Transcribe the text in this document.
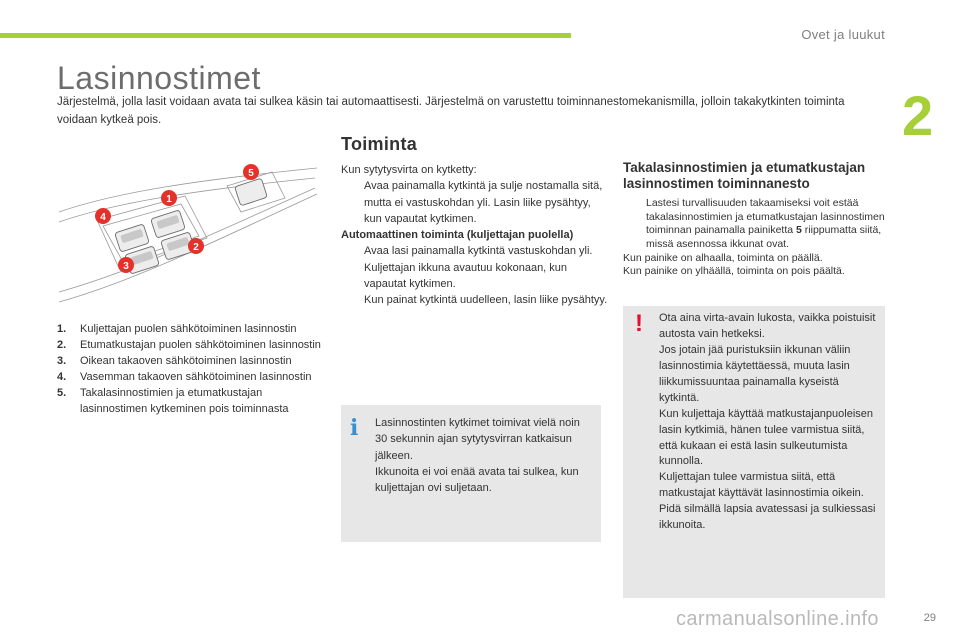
Ovet ja luukut
2
Lasinnostimet

Järjestelmä, jolla lasit voidaan avata tai sulkea käsin tai automaattisesti. Järjestelmä on varustettu toiminnanestomekanismilla, jolloin takakytkinten toiminta voidaan kytkeä pois.

1
2
3
4
5
1. Kuljettajan puolen sähkötoiminen lasinnostin
2. Etumatkustajan puolen sähkötoiminen lasinnostin
3. Oikean takaoven sähkötoiminen lasinnostin
4. Vasemman takaoven sähkötoiminen lasinnostin
5. Takalasinnostimien ja etumatkustajan lasinnostimen kytkeminen pois toiminnasta
Toiminta

Kun sytytysvirta on kytketty:

Avaa painamalla kytkintä ja sulje nostamalla sitä, mutta ei vastuskohdan yli. Lasin liike pysähtyy, kun vapautat kytkimen.

Automaattinen toiminta (kuljettajan puolella)

Avaa lasi painamalla kytkintä vastuskohdan yli. Kuljettajan ikkuna avautuu kokonaan, kun vapautat kytkimen.

Kun painat kytkintä uudelleen, lasin liike pysähtyy.

i Lasinnostinten kytkimet toimivat vielä noin 30 sekunnin ajan sytytysvirran katkaisun jälkeen.

Ikkunoita ei voi enää avata tai sulkea, kun kuljettajan ovi suljetaan.

Takalasinnostimien ja etumatkustajan lasinnostimen toiminnanesto

Lastesi turvallisuuden takaamiseksi voit estää takalasinnostimien ja etumatkustajan lasinnostimen toiminnan painamalla painiketta 5 riippumatta siitä, missä asennossa ikkunat ovat.

Kun painike on alhaalla, toiminta on päällä.

Kun painike on ylhäällä, toiminta on pois päältä.

! Ota aina virta-avain lukosta, vaikka poistuisit autosta vain hetkeksi.

Jos jotain jää puristuksiin ikkunan väliin lasinnostimia käytettäessä, muuta lasin liikkumissuuntaa painamalla kyseistä kytkintä.

Kun kuljettaja käyttää matkustajanpuoleisen lasin kytkimiä, hänen tulee varmistua siitä, että kukaan ei estä lasin sulkeutumista kunnolla.

Kuljettajan tulee varmistua siitä, että matkustajat käyttävät lasinnostimia oikein.

Pidä silmällä lapsia avatessasi ja sulkiessasi ikkunoita.

carmanualsonline.info	29
